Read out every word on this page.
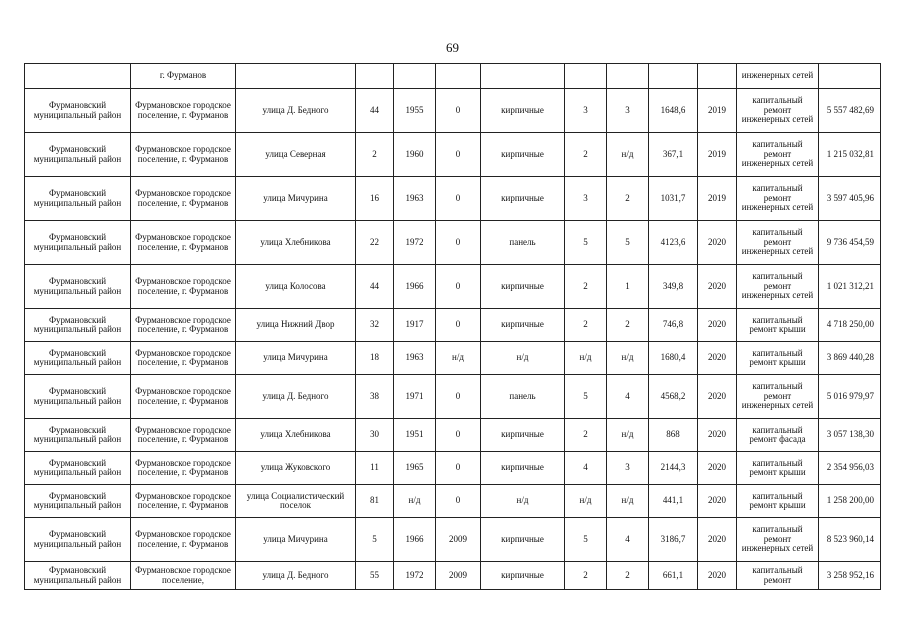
69
	г. Фурманов										инженерных сетей	
Фурмановский муниципальный район	Фурмановское городское поселение, г. Фурманов	улица Д. Бедного	44	1955	0	кирпичные	3	3	1648,6	2019	капитальный ремонт инженерных сетей	5 557 482,69
Фурмановский муниципальный район	Фурмановское городское поселение, г. Фурманов	улица Северная	2	1960	0	кирпичные	2	н/д	367,1	2019	капитальный ремонт инженерных сетей	1 215 032,81
Фурмановский муниципальный район	Фурмановское городское поселение, г. Фурманов	улица Мичурина	16	1963	0	кирпичные	3	2	1031,7	2019	капитальный ремонт инженерных сетей	3 597 405,96
Фурмановский муниципальный район	Фурмановское городское поселение, г. Фурманов	улица Хлебникова	22	1972	0	панель	5	5	4123,6	2020	капитальный ремонт инженерных сетей	9 736 454,59
Фурмановский муниципальный район	Фурмановское городское поселение, г. Фурманов	улица Колосова	44	1966	0	кирпичные	2	1	349,8	2020	капитальный ремонт инженерных сетей	1 021 312,21
Фурмановский муниципальный район	Фурмановское городское поселение, г. Фурманов	улица Нижний Двор	32	1917	0	кирпичные	2	2	746,8	2020	капитальный ремонт крыши	4 718 250,00
Фурмановский муниципальный район	Фурмановское городское поселение, г. Фурманов	улица Мичурина	18	1963	н/д	н/д	н/д	н/д	1680,4	2020	капитальный ремонт крыши	3 869 440,28
Фурмановский муниципальный район	Фурмановское городское поселение, г. Фурманов	улица Д. Бедного	38	1971	0	панель	5	4	4568,2	2020	капитальный ремонт инженерных сетей	5 016 979,97
Фурмановский муниципальный район	Фурмановское городское поселение, г. Фурманов	улица Хлебникова	30	1951	0	кирпичные	2	н/д	868	2020	капитальный ремонт фасада	3 057 138,30
Фурмановский муниципальный район	Фурмановское городское поселение, г. Фурманов	улица Жуковского	11	1965	0	кирпичные	4	3	2144,3	2020	капитальный ремонт крыши	2 354 956,03
Фурмановский муниципальный район	Фурмановское городское поселение, г. Фурманов	улица Социалистический поселок	81	н/д	0	н/д	н/д	н/д	441,1	2020	капитальный ремонт крыши	1 258 200,00
Фурмановский муниципальный район	Фурмановское городское поселение, г. Фурманов	улица Мичурина	5	1966	2009	кирпичные	5	4	3186,7	2020	капитальный ремонт инженерных сетей	8 523 960,14
Фурмановский муниципальный район	Фурмановское городское поселение,	улица Д. Бедного	55	1972	2009	кирпичные	2	2	661,1	2020	капитальный ремонт	3 258 952,16
